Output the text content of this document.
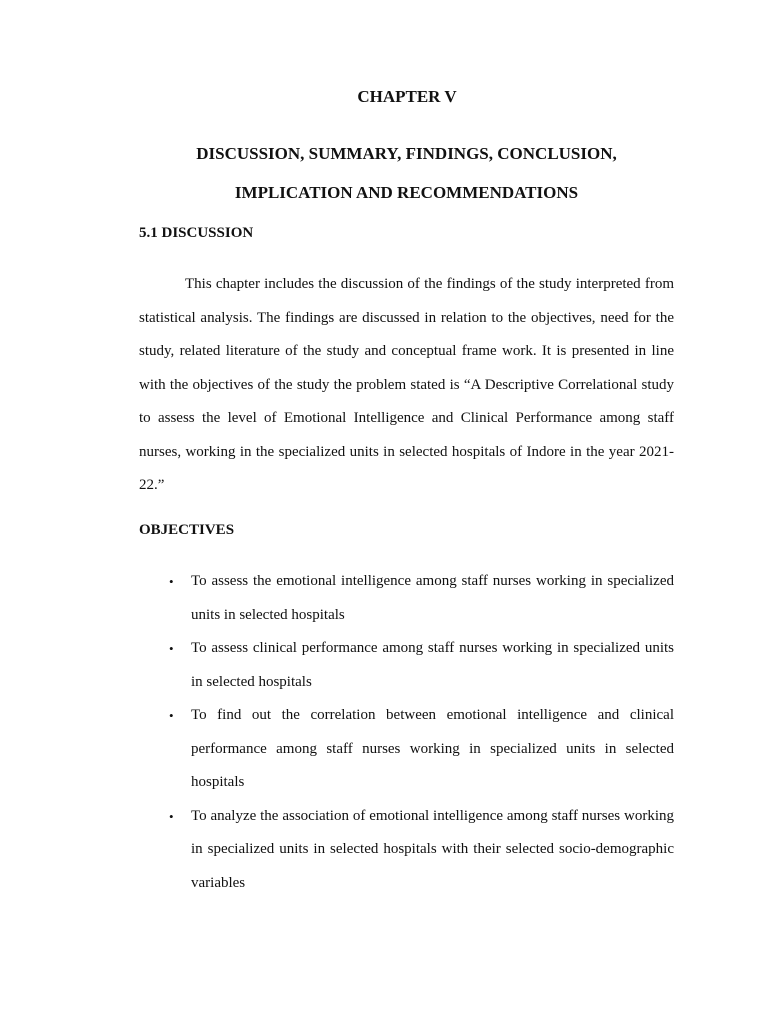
CHAPTER V
DISCUSSION, SUMMARY, FINDINGS, CONCLUSION,
IMPLICATION AND RECOMMENDATIONS
5.1 DISCUSSION

This chapter includes the discussion of the findings of the study interpreted from statistical analysis. The findings are discussed in relation to the objectives, need for the study, related literature of the study and conceptual frame work. It is presented in line with the objectives of the study the problem stated is “A Descriptive Correlational study to assess the level of Emotional Intelligence and Clinical Performance among staff nurses, working in the specialized units in selected hospitals of Indore in the year 2021-22.”

OBJECTIVES
•	To assess the emotional intelligence among staff nurses working in specialized units in selected hospitals
•	To assess clinical performance among staff nurses working in specialized units in selected hospitals
•	To find out the correlation between emotional intelligence and clinical performance among staff nurses working in specialized units in selected hospitals
•	To analyze the association of emotional intelligence among staff nurses working in specialized units in selected hospitals with their selected socio-demographic variables
